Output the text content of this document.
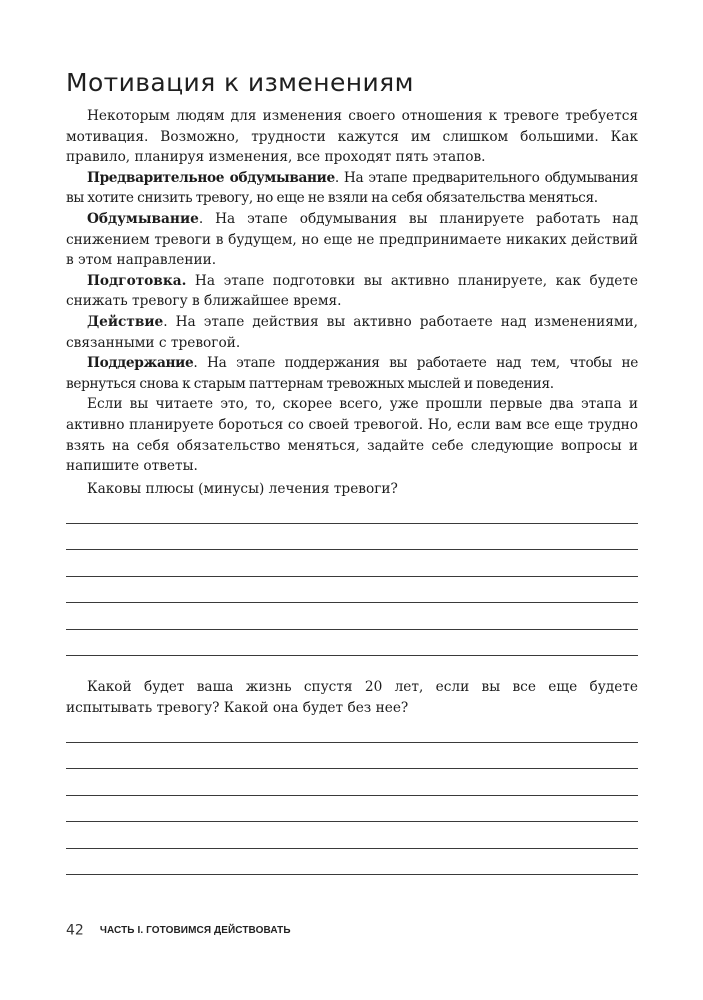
Мотивация к изменениям

Некоторым людям для изменения своего отношения к тревоге требуется мотивация. Возможно, трудности кажутся им слишком большими. Как правило, планируя изменения, все проходят пять этапов.

Предварительное обдумывание. На этапе предварительного обдумывания вы хотите снизить тревогу, но еще не взяли на себя обязательства меняться.

Обдумывание. На этапе обдумывания вы планируете работать над снижением тревоги в будущем, но еще не предпринимаете никаких действий в этом направлении.

Подготовка. На этапе подготовки вы активно планируете, как будете снижать тревогу в ближайшее время.

Действие. На этапе действия вы активно работаете над изменениями, связанными с тревогой.

Поддержание. На этапе поддержания вы работаете над тем, чтобы не вернуться снова к старым паттернам тревожных мыслей и поведения.

Если вы читаете это, то, скорее всего, уже прошли первые два этапа и активно планируете бороться со своей тревогой. Но, если вам все еще трудно взять на себя обязательство меняться, задайте себе следующие вопросы и напишите ответы.

Каковы плюсы (минусы) лечения тревоги?

Какой будет ваша жизнь спустя 20 лет, если вы все еще будете испытывать тревогу? Какой она будет без нее?

42 ЧАСТЬ I. ГОТОВИМСЯ ДЕЙСТВОВАТЬ
